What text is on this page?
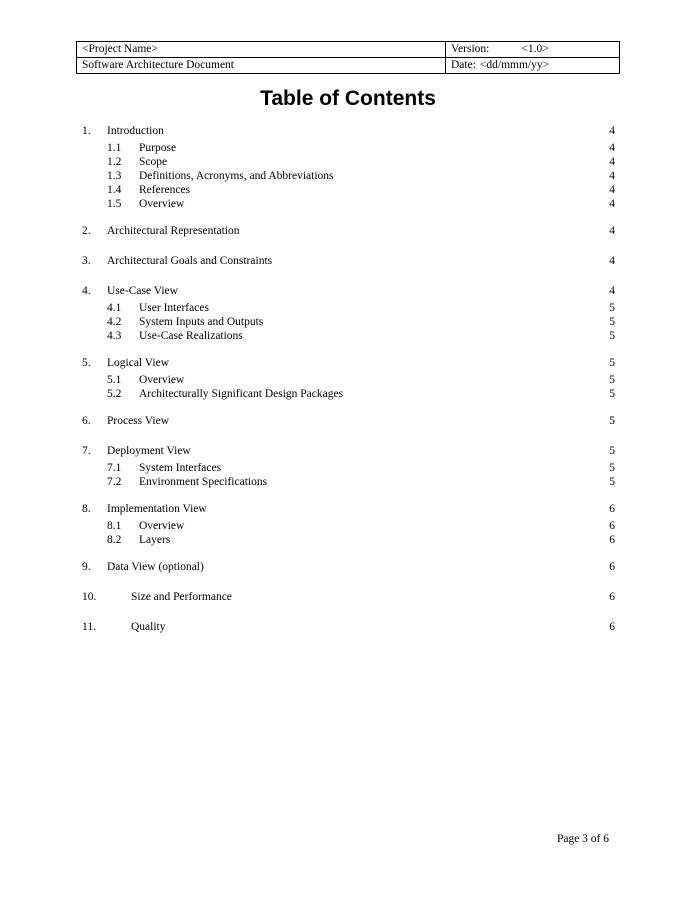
<Project Name>	Version: <1.0>
Software Architecture Document	Date: <dd/mmm/yy>
Table of Contents
1. Introduction	4
1.1 Purpose	4
1.2 Scope	4
1.3 Definitions, Acronyms, and Abbreviations	4
1.4 References	4
1.5 Overview	4
2. Architectural Representation	4
3. Architectural Goals and Constraints	4
4. Use-Case View	4
4.1 User Interfaces	5
4.2 System Inputs and Outputs	5
4.3 Use-Case Realizations	5
5. Logical View	5
5.1 Overview	5
5.2 Architecturally Significant Design Packages	5
6. Process View	5
7. Deployment View	5
7.1 System Interfaces	5
7.2 Environment Specifications	5
8. Implementation View	6
8.1 Overview	6
8.2 Layers	6
9. Data View (optional)	6
10.	Size and Performance	6
11.	Quality	6
Page 3 of 6
